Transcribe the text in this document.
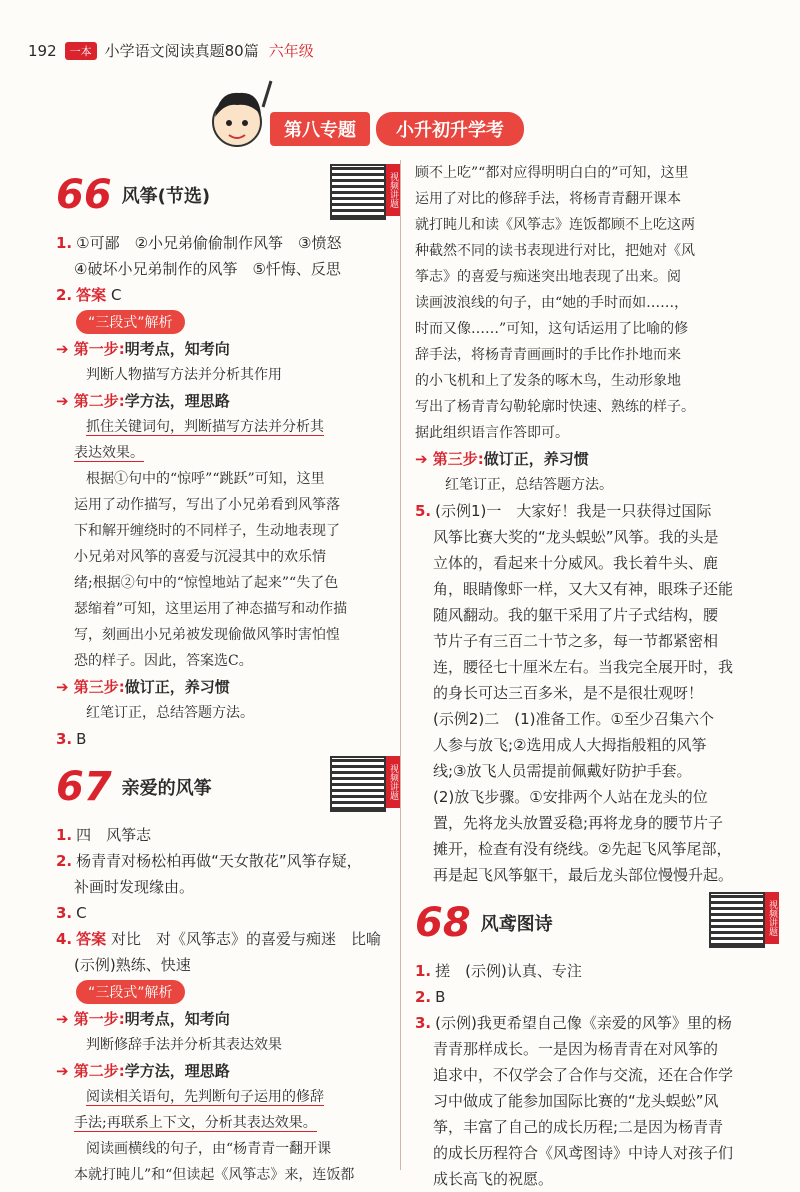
192	一本 小学语文阅读真题80篇 六年级
第八专题	小升初升学考
66 风筝(节选)	视频讲题
1. ①可鄙　②小兄弟偷偷制作风筝　③愤怒
④破坏小兄弟制作的风筝　⑤忏悔、反思
2. 答案 C
“三段式”解析
➔ 第一步:明考点，知考向
判断人物描写方法并分析其作用
➔ 第二步:学方法，理思路
抓住关键词句，判断描写方法并分析其
表达效果。
根据①句中的“惊呼”“跳跃”可知，这里
运用了动作描写，写出了小兄弟看到风筝落
下和解开缠绕时的不同样子，生动地表现了
小兄弟对风筝的喜爱与沉浸其中的欢乐情
绪;根据②句中的“惊惶地站了起来”“失了色
瑟缩着”可知，这里运用了神态描写和动作描
写，刻画出小兄弟被发现偷做风筝时害怕惶
恐的样子。因此，答案选C。
➔ 第三步:做订正，养习惯
红笔订正，总结答题方法。
3. B
67 亲爱的风筝	视频讲题
1. 四　风筝志
2. 杨青青对杨松柏再做“天女散花”风筝存疑，
补画时发现缘由。
3. C
4. 答案 对比　对《风筝志》的喜爱与痴迷　比喻
(示例)熟练、快速
“三段式”解析
➔ 第一步:明考点，知考向
判断修辞手法并分析其表达效果
➔ 第二步:学方法，理思路
阅读相关语句，先判断句子运用的修辞
手法;再联系上下文，分析其表达效果。
阅读画横线的句子，由“杨青青一翻开课
本就打盹儿”和“但读起《风筝志》来，连饭都
顾不上吃”“都对应得明明白白的”可知，这里
运用了对比的修辞手法，将杨青青翻开课本
就打盹儿和读《风筝志》连饭都顾不上吃这两
种截然不同的读书表现进行对比，把她对《风
筝志》的喜爱与痴迷突出地表现了出来。阅
读画波浪线的句子，由“她的手时而如……，
时而又像……”可知，这句话运用了比喻的修
辞手法，将杨青青画画时的手比作扑地而来
的小飞机和上了发条的啄木鸟，生动形象地
写出了杨青青勾勒轮廓时快速、熟练的样子。
据此组织语言作答即可。
➔ 第三步:做订正，养习惯
红笔订正，总结答题方法。
5. (示例1)一　大家好！我是一只获得过国际
风筝比赛大奖的“龙头蜈蚣”风筝。我的头是
立体的，看起来十分威风。我长着牛头、鹿
角，眼睛像虾一样，又大又有神，眼珠子还能
随风翻动。我的躯干采用了片子式结构，腰
节片子有三百二十节之多，每一节都紧密相
连，腰径七十厘米左右。当我完全展开时，我
的身长可达三百多米，是不是很壮观呀！
(示例2)二　(1)准备工作。①至少召集六个
人参与放飞;②选用成人大拇指般粗的风筝
线;③放飞人员需提前佩戴好防护手套。
(2)放飞步骤。①安排两个人站在龙头的位
置，先将龙头放置妥稳;再将龙身的腰节片子
摊开，检查有没有绕线。②先起飞风筝尾部，
再是起飞风筝躯干，最后龙头部位慢慢升起。
68 风鸢图诗	视频讲题
1. 搓　(示例)认真、专注
2. B
3. (示例)我更希望自己像《亲爱的风筝》里的杨
青青那样成长。一是因为杨青青在对风筝的
追求中，不仅学会了合作与交流，还在合作学
习中做成了能参加国际比赛的“龙头蜈蚣”风
筝，丰富了自己的成长历程;二是因为杨青青
的成长历程符合《风鸢图诗》中诗人对孩子们
成长高飞的祝愿。
